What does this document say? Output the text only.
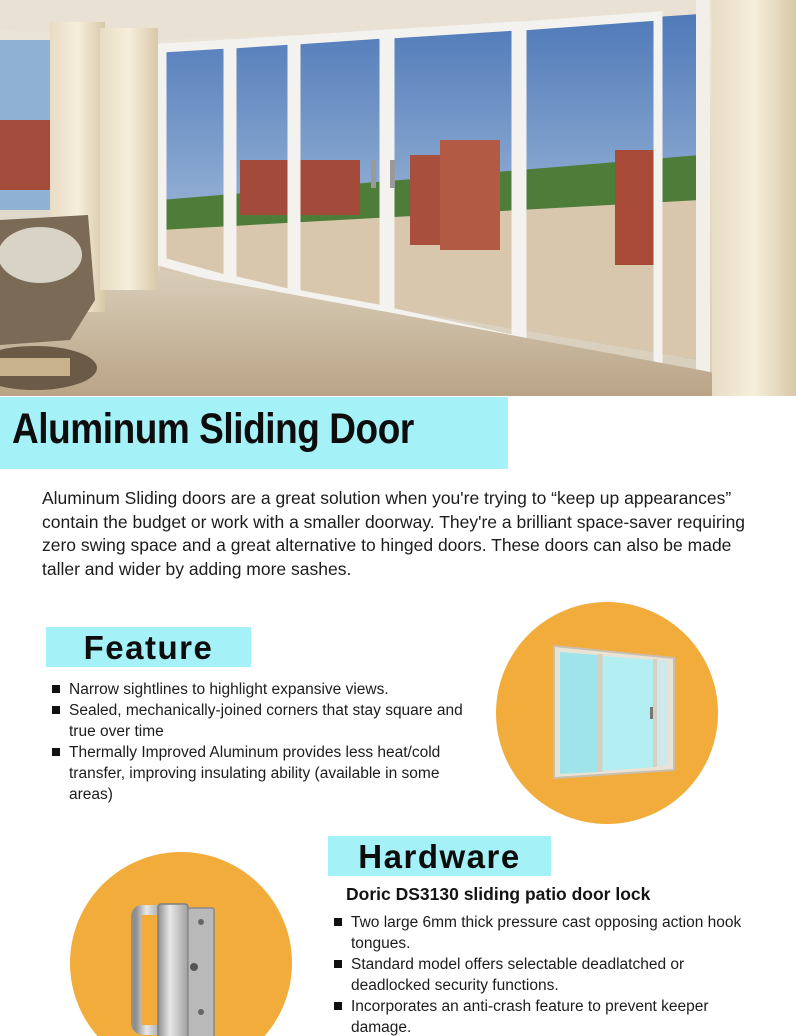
Aluminum Sliding Door

Aluminum Sliding doors are a great solution when you're trying to “keep up appearances” contain the budget or work with a smaller doorway. They're a brilliant space-saver requiring zero swing space and a great alternative to hinged doors. These doors can also be made taller and wider by adding more sashes.

Feature
Narrow sightlines to highlight expansive views.
Sealed, mechanically-joined corners that stay square and true over time
Thermally Improved Aluminum provides less heat/cold transfer, improving insulating ability (available in some areas)
Hardware
Doric DS3130 sliding patio door lock
Two large 6mm thick pressure cast opposing action hook tongues.
Standard model offers selectable deadlatched or deadlocked security functions.
Incorporates an anti-crash feature to prevent keeper damage.
